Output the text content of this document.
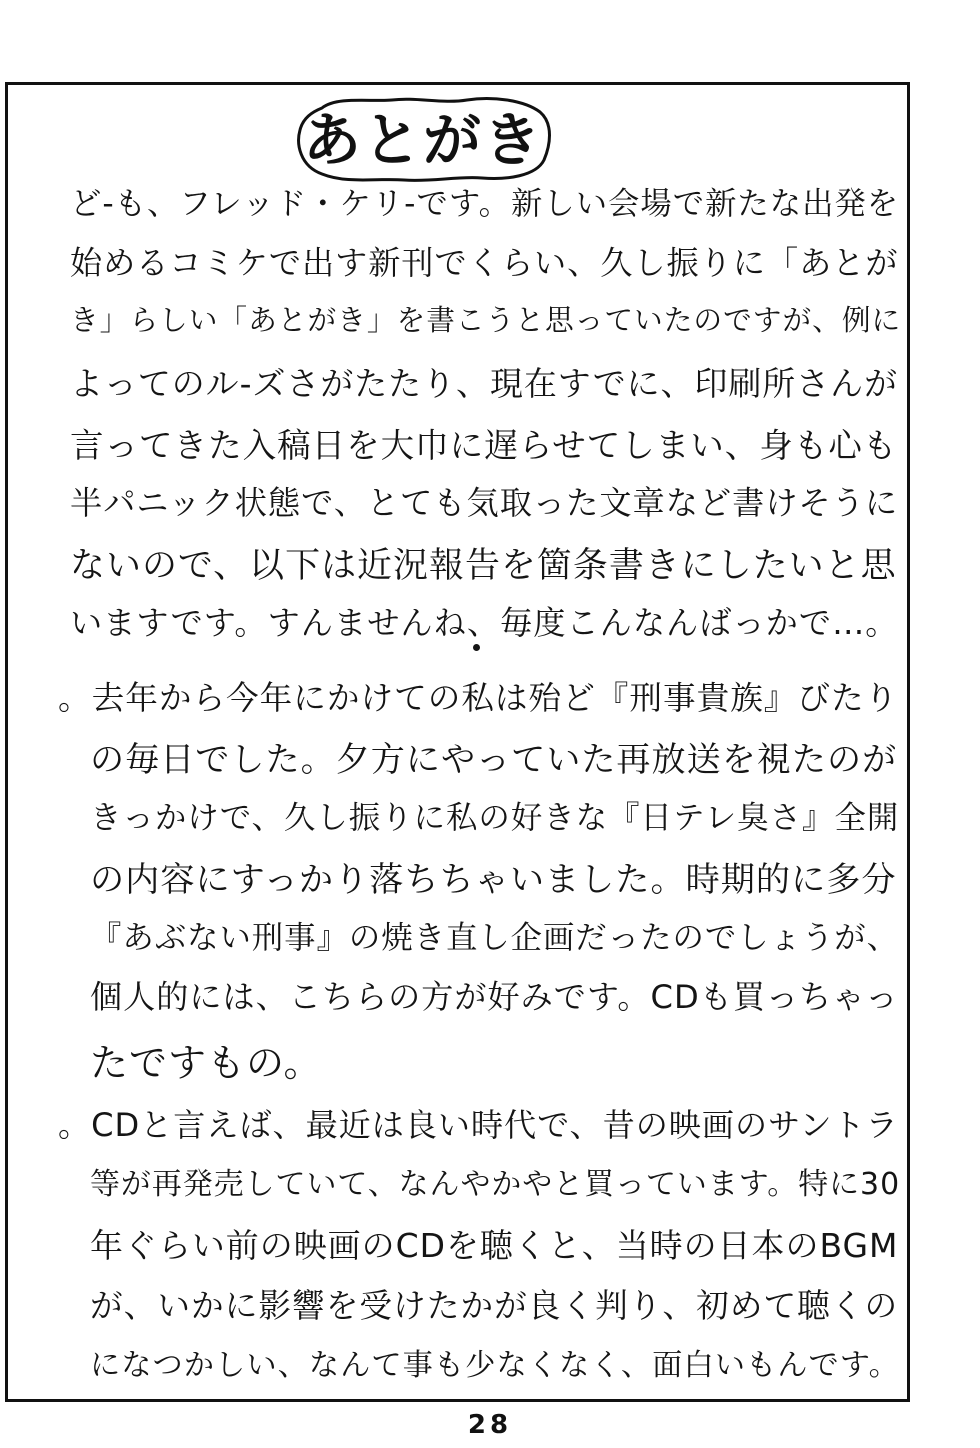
あとがき
ど-も、フレッド・ケリ-です。新しい会場で新たな出発を
始めるコミケで出す新刊でくらい、久し振りに「あとが
き」らしい「あとがき」を書こうと思っていたのですが、例に
よってのル-ズさがたたり、現在すでに、印刷所さんが
言ってきた入稿日を大巾に遅らせてしまい、身も心も
半パニック状態で、とても気取った文章など書けそうに
ないので、以下は近況報告を箇条書きにしたいと思
いますです。すんませんね、毎度こんなんばっかで…。
。去年から今年にかけての私は殆ど『刑事貴族』びたり
の毎日でした。夕方にやっていた再放送を視たのが
きっかけで、久し振りに私の好きな『日テレ臭さ』全開
の内容にすっかり落ちちゃいました。時期的に多分
『あぶない刑事』の焼き直し企画だったのでしょうが、
個人的には、こちらの方が好みです。CDも買っちゃっ
たですもの。
。CDと言えば、最近は良い時代で、昔の映画のサントラ
等が再発売していて、なんやかやと買っています。特に30
年ぐらい前の映画のCDを聴くと、当時の日本のBGM
が、いかに影響を受けたかが良く判り、初めて聴くの
になつかしい、なんて事も少なくなく、面白いもんです。
28
